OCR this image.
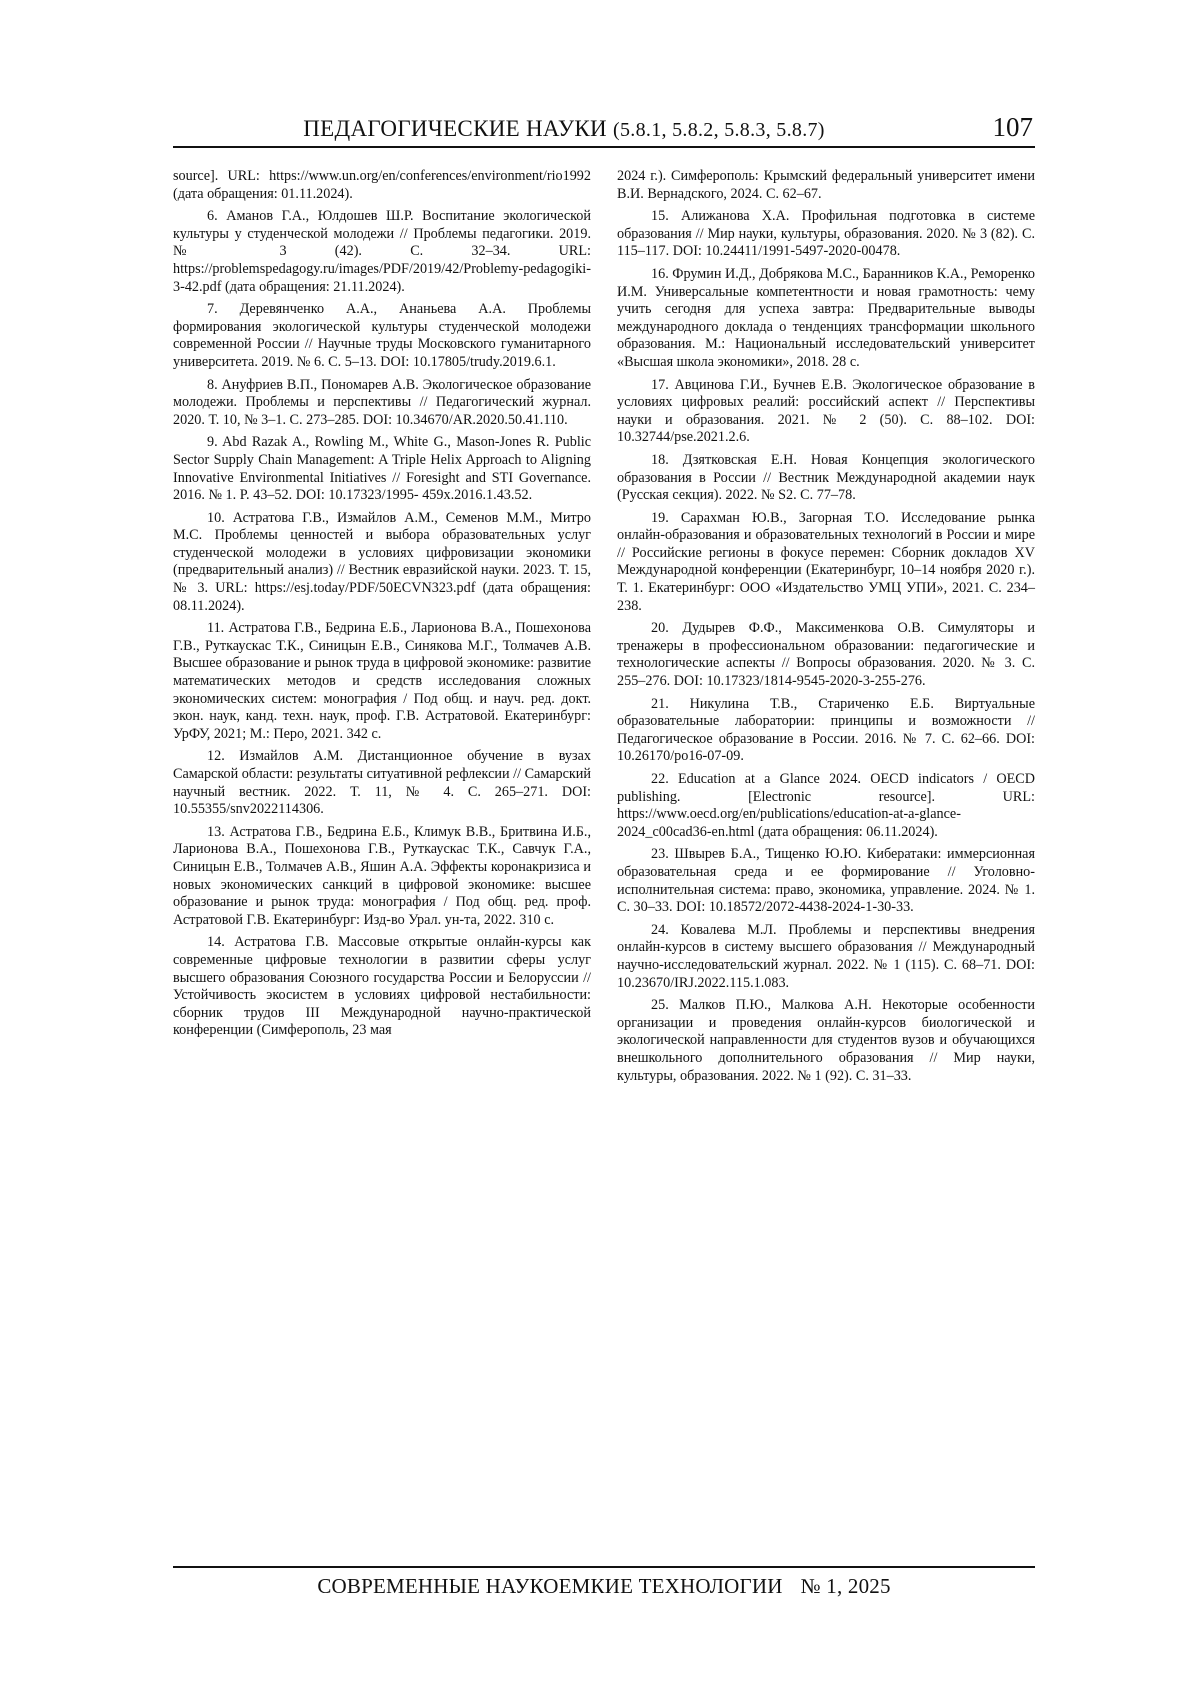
ПЕДАГОГИЧЕСКИЕ НАУКИ (5.8.1, 5.8.2, 5.8.3, 5.8.7)	107

source]. URL: https://www.un.org/en/conferences/environment/rio1992 (дата обращения: 01.11.2024).

6. Аманов Г.А., Юлдошев Ш.Р. Воспитание экологической культуры у студенческой молодежи // Проблемы педагогики. 2019. № 3 (42). С. 32–34. URL: https://problemspedagogy.ru/images/PDF/2019/42/Problemy-pedagogiki-3-42.pdf (дата обращения: 21.11.2024).

7. Деревянченко А.А., Ананьева А.А. Проблемы формирования экологической культуры студенческой молодежи современной России // Научные труды Московского гуманитарного университета. 2019. № 6. С. 5–13. DOI: 10.17805/trudy.2019.6.1.

8. Ануфриев В.П., Пономарев А.В. Экологическое образование молодежи. Проблемы и перспективы // Педагогический журнал. 2020. Т. 10, № 3–1. С. 273–285. DOI: 10.34670/AR.2020.50.41.110.

9. Abd Razak A., Rowling M., White G., Mason-Jones R. Public Sector Supply Chain Management: A Triple Helix Approach to Aligning Innovative Environmental Initiatives // Foresight and STI Governance. 2016. № 1. P. 43–52. DOI: 10.17323/1995- 459x.2016.1.43.52.

10. Астратова Г.В., Измайлов А.М., Семенов М.М., Митро М.С. Проблемы ценностей и выбора образовательных услуг студенческой молодежи в условиях цифровизации экономики (предварительный анализ) // Вестник евразийской науки. 2023. Т. 15, № 3. URL: https://esj.today/PDF/50ECVN323.pdf (дата обращения: 08.11.2024).

11. Астратова Г.В., Бедрина Е.Б., Ларионова В.А., Пошехонова Г.В., Руткаускас Т.К., Синицын Е.В., Синякова М.Г., Толмачев А.В. Высшее образование и рынок труда в цифровой экономике: развитие математических методов и средств исследования сложных экономических систем: монография / Под общ. и науч. ред. докт. экон. наук, канд. техн. наук, проф. Г.В. Астратовой. Екатеринбург: УрФУ, 2021; М.: Перо, 2021. 342 с.

12. Измайлов А.М. Дистанционное обучение в вузах Самарской области: результаты ситуативной рефлексии // Самарский научный вестник. 2022. Т. 11, № 4. С. 265–271. DOI: 10.55355/snv2022114306.

13. Астратова Г.В., Бедрина Е.Б., Климук В.В., Бритвина И.Б., Ларионова В.А., Пошехонова Г.В., Руткаускас Т.К., Савчук Г.А., Синицын Е.В., Толмачев А.В., Яшин А.А. Эффекты коронакризиса и новых экономических санкций в цифровой экономике: высшее образование и рынок труда: монография / Под общ. ред. проф. Астратовой Г.В. Екатеринбург: Изд-во Урал. ун-та, 2022. 310 с.

14. Астратова Г.В. Массовые открытые онлайн-курсы как современные цифровые технологии в развитии сферы услуг высшего образования Союзного государства России и Белоруссии // Устойчивость экосистем в условиях цифровой нестабильности: сборник трудов III Международной научно-практической конференции (Симферополь, 23 мая

2024 г.). Симферополь: Крымский федеральный университет имени В.И. Вернадского, 2024. С. 62–67.

15. Алижанова Х.А. Профильная подготовка в системе образования // Мир науки, культуры, образования. 2020. № 3 (82). С. 115–117. DOI: 10.24411/1991-5497-2020-00478.

16. Фрумин И.Д., Добрякова М.С., Баранников К.А., Реморенко И.М. Универсальные компетентности и новая грамотность: чему учить сегодня для успеха завтра: Предварительные выводы международного доклада о тенденциях трансформации школьного образования. М.: Национальный исследовательский университет «Высшая школа экономики», 2018. 28 с.

17. Авцинова Г.И., Бучнев Е.В. Экологическое образование в условиях цифровых реалий: российский аспект // Перспективы науки и образования. 2021. № 2 (50). С. 88–102. DOI: 10.32744/pse.2021.2.6.

18. Дзятковская Е.Н. Новая Концепция экологического образования в России // Вестник Международной академии наук (Русская секция). 2022. № S2. С. 77–78.

19. Сарахман Ю.В., Загорная Т.О. Исследование рынка онлайн-образования и образовательных технологий в России и мире // Российские регионы в фокусе перемен: Сборник докладов XV Международной конференции (Екатеринбург, 10–14 ноября 2020 г.). Т. 1. Екатеринбург: ООО «Издательство УМЦ УПИ», 2021. С. 234–238.

20. Дудырев Ф.Ф., Максименкова О.В. Симуляторы и тренажеры в профессиональном образовании: педагогические и технологические аспекты // Вопросы образования. 2020. № 3. С. 255–276. DOI: 10.17323/1814-9545-2020-3-255-276.

21. Никулина Т.В., Стариченко Е.Б. Виртуальные образовательные лаборатории: принципы и возможности // Педагогическое образование в России. 2016. № 7. С. 62–66. DOI: 10.26170/po16-07-09.

22. Education at a Glance 2024. OECD indicators / OECD publishing. [Electronic resource]. URL: https://www.oecd.org/en/publications/education-at-a-glance-2024_c00cad36-en.html (дата обращения: 06.11.2024).

23. Швырев Б.А., Тищенко Ю.Ю. Кибератаки: иммерсионная образовательная среда и ее формирование // Уголовно-исполнительная система: право, экономика, управление. 2024. № 1. С. 30–33. DOI: 10.18572/2072-4438-2024-1-30-33.

24. Ковалева М.Л. Проблемы и перспективы внедрения онлайн-курсов в систему высшего образования // Международный научно-исследовательский журнал. 2022. № 1 (115). С. 68–71. DOI: 10.23670/IRJ.2022.115.1.083.

25. Малков П.Ю., Малкова А.Н. Некоторые особенности организации и проведения онлайн-курсов биологической и экологической направленности для студентов вузов и обучающихся внешкольного дополнительного образования // Мир науки, культуры, образования. 2022. № 1 (92). С. 31–33.

СОВРЕМЕННЫЕ НАУКОЕМКИЕ ТЕХНОЛОГИИ № 1, 2025
